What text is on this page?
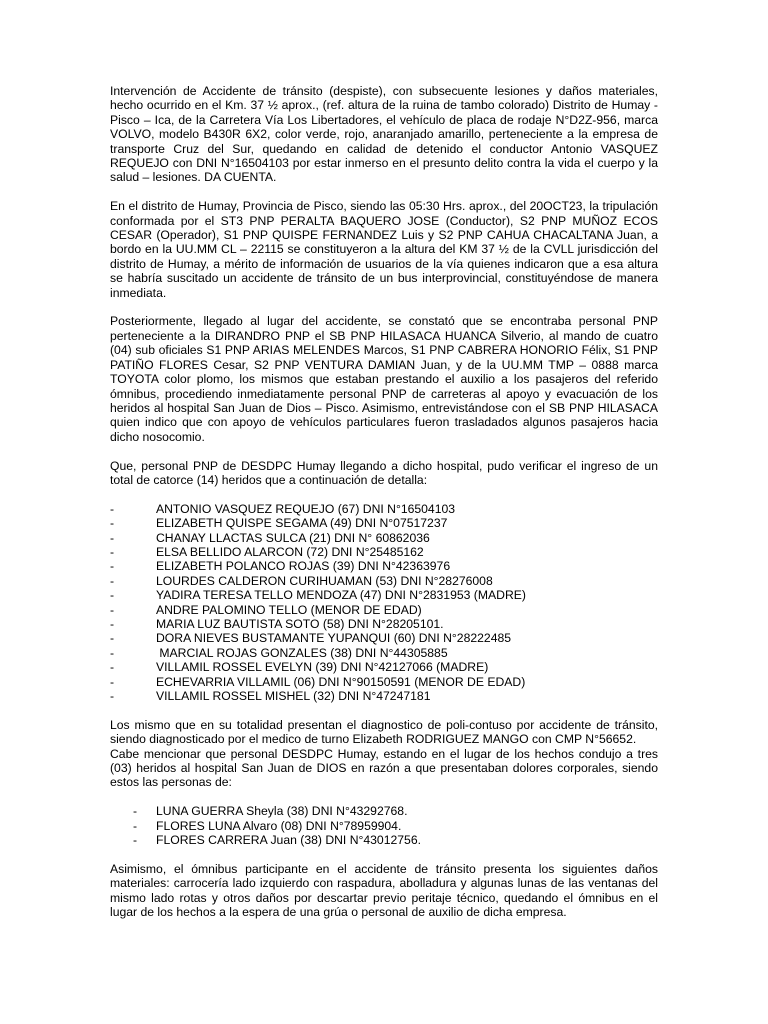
Intervención de Accidente de tránsito (despiste), con subsecuente lesiones y daños materiales, hecho ocurrido en el Km. 37 ½ aprox., (ref. altura de la ruina de tambo colorado) Distrito de Humay - Pisco – Ica, de la Carretera Vía Los Libertadores, el vehículo de placa de rodaje N°D2Z-956, marca VOLVO, modelo B430R 6X2, color verde, rojo, anaranjado amarillo, perteneciente a la empresa de transporte Cruz del Sur, quedando en calidad de detenido el conductor Antonio VASQUEZ REQUEJO con DNI N°16504103 por estar inmerso en el presunto delito contra la vida el cuerpo y la salud – lesiones. DA CUENTA.

En el distrito de Humay, Provincia de Pisco, siendo las 05:30 Hrs. aprox., del 20OCT23, la tripulación conformada por el ST3 PNP PERALTA BAQUERO JOSE (Conductor), S2 PNP MUÑOZ ECOS CESAR (Operador), S1 PNP QUISPE FERNANDEZ Luis y S2 PNP CAHUA CHACALTANA Juan, a bordo en la UU.MM CL – 22115 se constituyeron a la altura del KM 37 ½ de la CVLL jurisdicción del distrito de Humay, a mérito de información de usuarios de la vía quienes indicaron que a esa altura se habría suscitado un accidente de tránsito de un bus interprovincial, constituyéndose de manera inmediata.

Posteriormente, llegado al lugar del accidente, se constató que se encontraba personal PNP perteneciente a la DIRANDRO PNP el SB PNP HILASACA HUANCA Silverio, al mando de cuatro (04) sub oficiales S1 PNP ARIAS MELENDES Marcos, S1 PNP CABRERA HONORIO Félix, S1 PNP PATIÑO FLORES Cesar, S2 PNP VENTURA DAMIAN Juan, y de la UU.MM TMP – 0888 marca TOYOTA color plomo, los mismos que estaban prestando el auxilio a los pasajeros del referido ómnibus, procediendo inmediatamente personal PNP de carreteras al apoyo y evacuación de los heridos al hospital San Juan de Dios – Pisco. Asimismo, entrevistándose con el SB PNP HILASACA quien indico que con apoyo de vehículos particulares fueron trasladados algunos pasajeros hacia dicho nosocomio.

Que, personal PNP de DESDPC Humay llegando a dicho hospital, pudo verificar el ingreso de un total de catorce (14) heridos que a continuación de detalla:

-	ANTONIO VASQUEZ REQUEJO (67) DNI N°16504103
-	ELIZABETH QUISPE SEGAMA (49) DNI N°07517237
-	CHANAY LLACTAS SULCA (21) DNI N° 60862036
-	ELSA BELLIDO ALARCON (72) DNI N°25485162
-	ELIZABETH POLANCO ROJAS (39) DNI N°42363976
-	LOURDES CALDERON CURIHUAMAN (53) DNI N°28276008
-	YADIRA TERESA TELLO MENDOZA (47) DNI N°2831953 (MADRE)
-	ANDRE PALOMINO TELLO (MENOR DE EDAD)
-	MARIA LUZ BAUTISTA SOTO (58) DNI N°28205101.
-	DORA NIEVES BUSTAMANTE YUPANQUI (60) DNI N°28222485
-	MARCIAL ROJAS GONZALES (38) DNI N°44305885
-	VILLAMIL ROSSEL EVELYN (39) DNI N°42127066 (MADRE)
-	ECHEVARRIA VILLAMIL (06) DNI N°90150591 (MENOR DE EDAD)
-	VILLAMIL ROSSEL MISHEL (32) DNI N°47247181

Los mismo que en su totalidad presentan el diagnostico de poli-contuso por accidente de tránsito, siendo diagnosticado por el medico de turno Elizabeth RODRIGUEZ MANGO con CMP N°56652.

Cabe mencionar que personal DESDPC Humay, estando en el lugar de los hechos condujo a tres (03) heridos al hospital San Juan de DIOS en razón a que presentaban dolores corporales, siendo estos las personas de:

- LUNA GUERRA Sheyla (38) DNI N°43292768.
- FLORES LUNA Alvaro (08) DNI N°78959904.
- FLORES CARRERA Juan (38) DNI N°43012756.

Asimismo, el ómnibus participante en el accidente de tránsito presenta los siguientes daños materiales: carrocería lado izquierdo con raspadura, abolladura y algunas lunas de las ventanas del mismo lado rotas y otros daños por descartar previo peritaje técnico, quedando el ómnibus en el lugar de los hechos a la espera de una grúa o personal de auxilio de dicha empresa.
